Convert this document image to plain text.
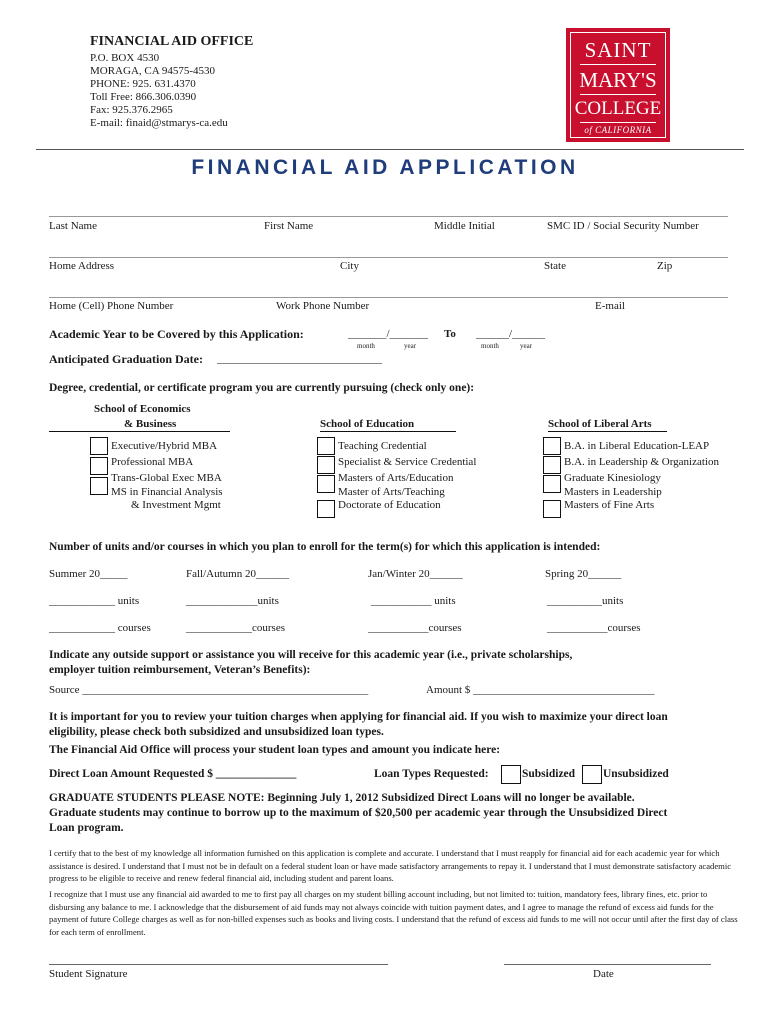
FINANCIAL AID OFFICE
P.O. BOX 4530
MORAGA, CA 94575-4530
PHONE: 925. 631.4370
Toll Free: 866.306.0390
Fax: 925.376.2965
E-mail: finaid@stmarys-ca.edu
SAINT
MARY'S
COLLEGE
of CALIFORNIA
FINANCIAL AID APPLICATION
Last Name	First Name	Middle Initial	SMC ID / Social Security Number
Home Address	City	State	Zip
Home (Cell) Phone Number	Work Phone Number	E-mail
Academic Year to be Covered by this Application:	_______/_______ To ______/______
month	year	month	year
Anticipated Graduation Date: ______________________________
Degree, credential, or certificate program you are currently pursuing (check only one):
School of Economics
& Business
Executive/Hybrid MBA
Professional MBA
Trans-Global Exec MBA
MS in Financial Analysis
& Investment Mgmt
School of Education
Teaching Credential
Specialist & Service Credential
Masters of Arts/Education
Master of Arts/Teaching
Doctorate of Education
School of Liberal Arts
B.A. in Liberal Education-LEAP
B.A. in Leadership & Organization
Graduate Kinesiology
Masters in Leadership
Masters of Fine Arts
Number of units and/or courses in which you plan to enroll for the term(s) for which this application is intended:
Summer 20_____	Fall/Autumn 20______	Jan/Winter 20______	Spring 20______
____________ units	_____________units	___________ units	__________units
____________ courses	____________courses	___________courses	___________courses
Indicate any outside support or assistance you will receive for this academic year (i.e., private scholarships,
employer tuition reimbursement, Veteran’s Benefits):
Source ____________________________________________________	Amount $ _________________________________
It is important for you to review your tuition charges when applying for financial aid. If you wish to maximize your direct loan
eligibility, please check both subsidized and unsubsidized loan types.
The Financial Aid Office will process your student loan types and amount you indicate here:
Direct Loan Amount Requested $ ______________	Loan Types Requested:	Subsidized Unsubsidized
GRADUATE STUDENTS PLEASE NOTE: Beginning July 1, 2012 Subsidized Direct Loans will no longer be available.
Graduate students may continue to borrow up to the maximum of $20,500 per academic year through the Unsubsidized Direct
Loan program.
I certify that to the best of my knowledge all information furnished on this application is complete and accurate. I understand that I must reapply for financial aid for each academic year for which assistance is desired. I understand that I must not be in default on a federal student loan or have made satisfactory arrangements to repay it. I understand that I must demonstrate satisfactory academic progress to be eligible to receive and renew federal financial aid, including student and parent loans.
I recognize that I must use any financial aid awarded to me to first pay all charges on my student billing account including, but not limited to: tuition, mandatory fees, library fines, etc. prior to disbursing any balance to me. I acknowledge that the disbursement of aid funds may not always coincide with tuition payment dates, and I agree to manage the refund of excess aid funds for the payment of future College charges as well as for non-billed expenses such as books and living costs. I understand that the refund of excess aid funds to me will not occur until after the first day of class for each term of enrollment.
Student Signature	Date
